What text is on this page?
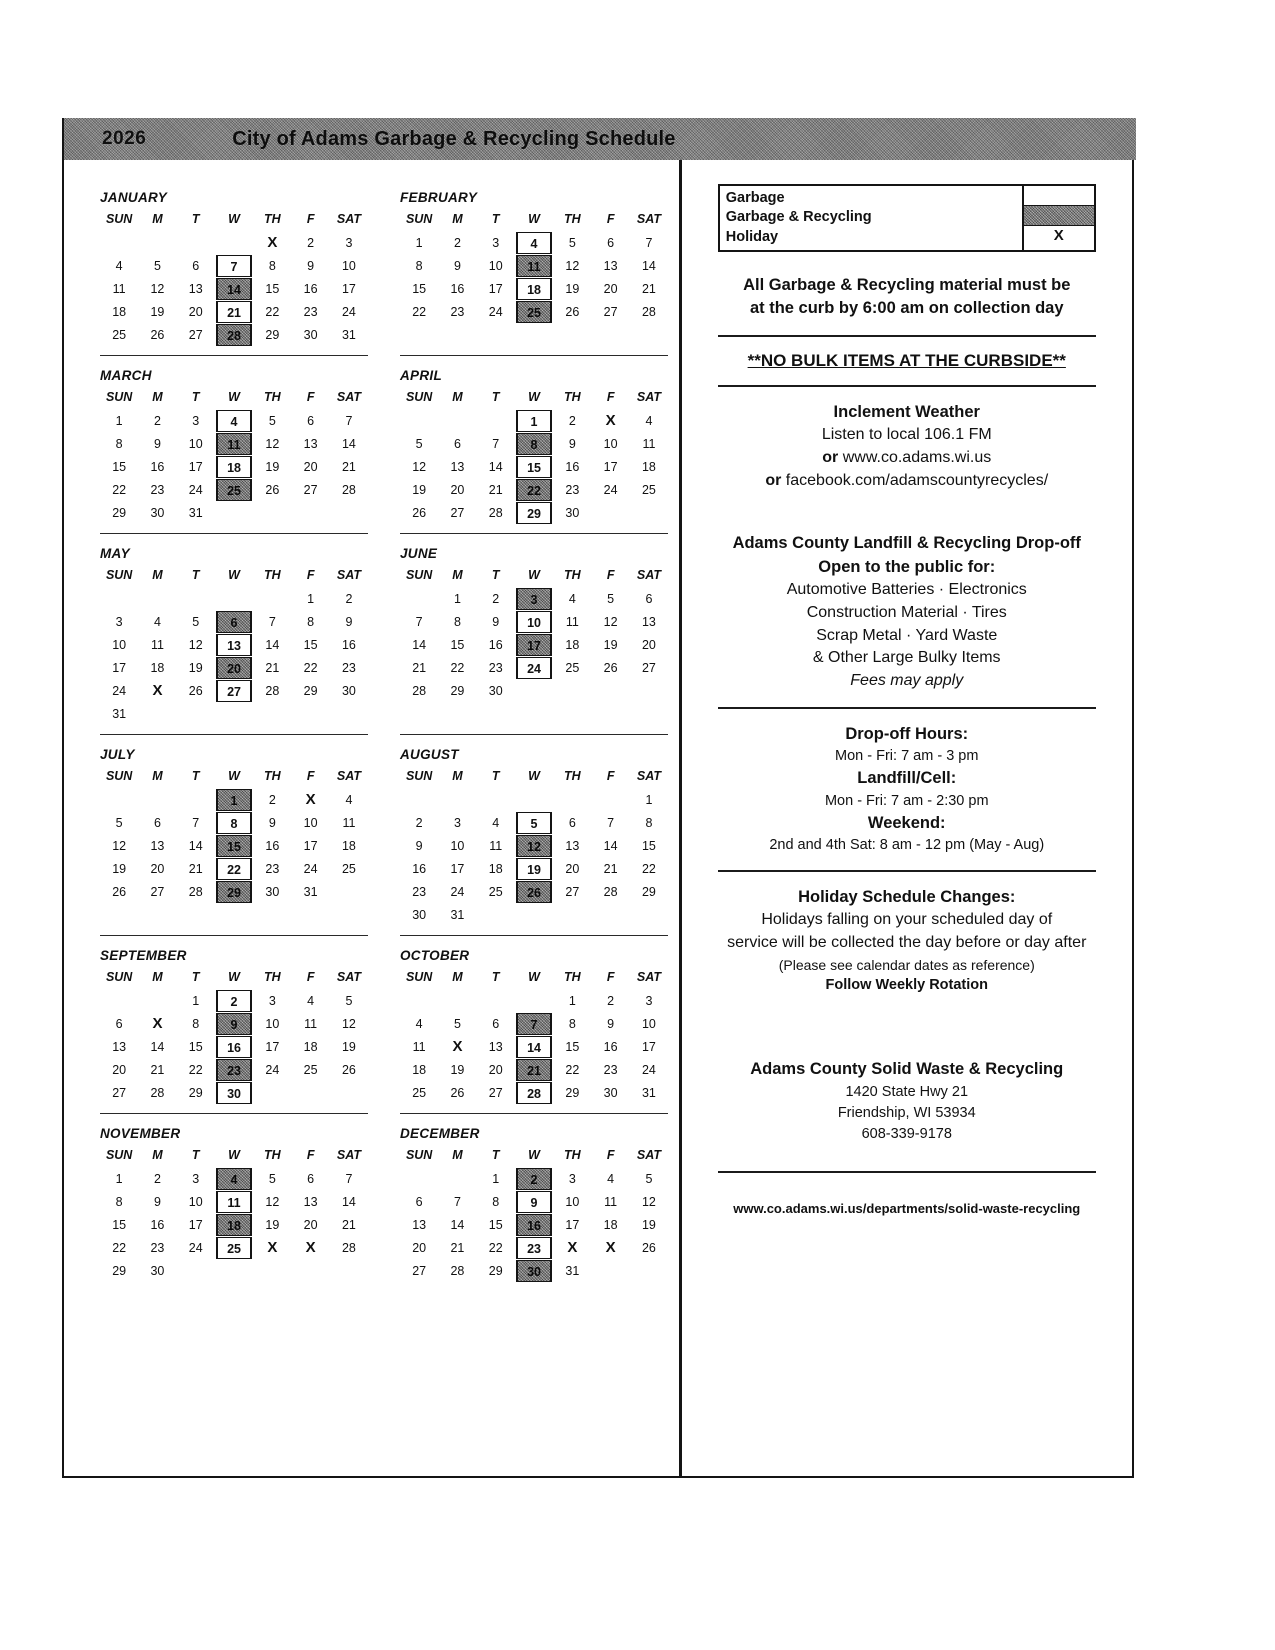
2026	City of Adams Garbage & Recycling Schedule
JANUARY
SUN	M	T	W	TH	F	SAT
				X	2	3
4	5	6	7	8	9	10
11	12	13	14	15	16	17
18	19	20	21	22	23	24
25	26	27	28	29	30	31
FEBRUARY
SUN	M	T	W	TH	F	SAT
1	2	3	4	5	6	7
8	9	10	11	12	13	14
15	16	17	18	19	20	21
22	23	24	25	26	27	28
MARCH
SUN	M	T	W	TH	F	SAT
1	2	3	4	5	6	7
8	9	10	11	12	13	14
15	16	17	18	19	20	21
22	23	24	25	26	27	28
29	30	31				
APRIL
SUN	M	T	W	TH	F	SAT

			1	2	X	4
5	6	7	8	9	10	11
12	13	14	15	16	17	18
19	20	21	22	23	24	25
26	27	28	29	30		
MAY
SUN	M	T	W	TH	F	SAT
					1	2
3	4	5	6	7	8	9
10	11	12	13	14	15	16
17	18	19	20	21	22	23
24	X	26	27	28	29	30
31						
JUNE
SUN	M	T	W	TH	F	SAT
	1	2	3	4	5	6
7	8	9	10	11	12	13
14	15	16	17	18	19	20
21	22	23	24	25	26	27
28	29	30				
JULY
SUN	M	T	W	TH	F	SAT

			1	2	X	4
5	6	7	8	9	10	11
12	13	14	15	16	17	18
19	20	21	22	23	24	25
26	27	28	29	30	31	
AUGUST
SUN	M	T	W	TH	F	SAT
						1
2	3	4	5	6	7	8
9	10	11	12	13	14	15
16	17	18	19	20	21	22
23	24	25	26	27	28	29
30	31					
SEPTEMBER
SUN	M	T	W	TH	F	SAT
		1	2	3	4	5
6	X	8	9	10	11	12
13	14	15	16	17	18	19
20	21	22	23	24	25	26
27	28	29	30			

OCTOBER
SUN	M	T	W	TH	F	SAT
				1	2	3
4	5	6	7	8	9	10
11	X	13	14	15	16	17
18	19	20	21	22	23	24
25	26	27	28	29	30	31
NOVEMBER
SUN	M	T	W	TH	F	SAT
1	2	3	4	5	6	7
8	9	10	11	12	13	14
15	16	17	18	19	20	21
22	23	24	25	X	X	28
29	30					
DECEMBER
SUN	M	T	W	TH	F	SAT
		1	2	3	4	5
6	7	8	9	10	11	12
13	14	15	16	17	18	19
20	21	22	23	X	X	26
27	28	29	30	31		
Garbage
Garbage & Recycling
Holiday	X
All Garbage & Recycling material must be
at the curb by 6:00 am on collection day
**NO BULK ITEMS AT THE CURBSIDE**
Inclement Weather
Listen to local 106.1 FM
or www.co.adams.wi.us
or facebook.com/adamscountyrecycles/
Adams County Landfill & Recycling Drop-off
Open to the public for:
Automotive Batteries · Electronics
Construction Material · Tires
Scrap Metal · Yard Waste
& Other Large Bulky Items
Fees may apply
Drop-off Hours:
Mon - Fri: 7 am - 3 pm
Landfill/Cell:
Mon - Fri: 7 am - 2:30 pm
Weekend:
2nd and 4th Sat: 8 am - 12 pm (May - Aug)
Holiday Schedule Changes:
Holidays falling on your scheduled day of
service will be collected the day before or day after
(Please see calendar dates as reference)
Follow Weekly Rotation
Adams County Solid Waste & Recycling
1420 State Hwy 21
Friendship, WI 53934
608-339-9178
www.co.adams.wi.us/departments/solid-waste-recycling
